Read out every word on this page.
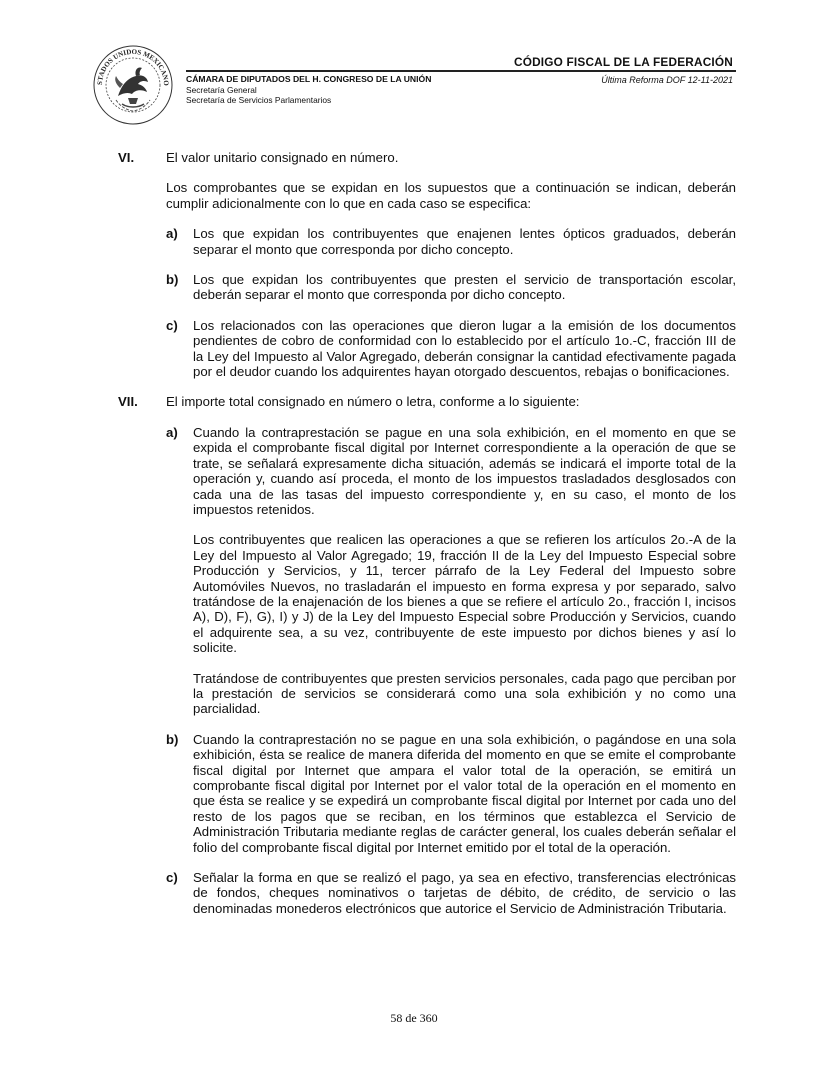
STADOS UNIDOS MEXICANO
CÓDIGO FISCAL DE LA FEDERACIÓN
Última Reforma DOF 12-11-2021
CÁMARA DE DIPUTADOS DEL H. CONGRESO DE LA UNIÓN
Secretaría General
Secretaría de Servicios Parlamentarios
VI.	El valor unitario consignado en número.
Los comprobantes que se expidan en los supuestos que a continuación se indican, deberán cumplir adicionalmente con lo que en cada caso se especifica:
a)	Los que expidan los contribuyentes que enajenen lentes ópticos graduados, deberán separar el monto que corresponda por dicho concepto.
b)	Los que expidan los contribuyentes que presten el servicio de transportación escolar, deberán separar el monto que corresponda por dicho concepto.
c)	Los relacionados con las operaciones que dieron lugar a la emisión de los documentos pendientes de cobro de conformidad con lo establecido por el artículo 1o.-C, fracción III de la Ley del Impuesto al Valor Agregado, deberán consignar la cantidad efectivamente pagada por el deudor cuando los adquirentes hayan otorgado descuentos, rebajas o bonificaciones.
VII.	El importe total consignado en número o letra, conforme a lo siguiente:
a)	Cuando la contraprestación se pague en una sola exhibición, en el momento en que se expida el comprobante fiscal digital por Internet correspondiente a la operación de que se trate, se señalará expresamente dicha situación, además se indicará el importe total de la operación y, cuando así proceda, el monto de los impuestos trasladados desglosados con cada una de las tasas del impuesto correspondiente y, en su caso, el monto de los impuestos retenidos.
Los contribuyentes que realicen las operaciones a que se refieren los artículos 2o.-A de la Ley del Impuesto al Valor Agregado; 19, fracción II de la Ley del Impuesto Especial sobre Producción y Servicios, y 11, tercer párrafo de la Ley Federal del Impuesto sobre Automóviles Nuevos, no trasladarán el impuesto en forma expresa y por separado, salvo tratándose de la enajenación de los bienes a que se refiere el artículo 2o., fracción I, incisos A), D), F), G), I) y J) de la Ley del Impuesto Especial sobre Producción y Servicios, cuando el adquirente sea, a su vez, contribuyente de este impuesto por dichos bienes y así lo solicite.
Tratándose de contribuyentes que presten servicios personales, cada pago que perciban por la prestación de servicios se considerará como una sola exhibición y no como una parcialidad.
b)	Cuando la contraprestación no se pague en una sola exhibición, o pagándose en una sola exhibición, ésta se realice de manera diferida del momento en que se emite el comprobante fiscal digital por Internet que ampara el valor total de la operación, se emitirá un comprobante fiscal digital por Internet por el valor total de la operación en el momento en que ésta se realice y se expedirá un comprobante fiscal digital por Internet por cada uno del resto de los pagos que se reciban, en los términos que establezca el Servicio de Administración Tributaria mediante reglas de carácter general, los cuales deberán señalar el folio del comprobante fiscal digital por Internet emitido por el total de la operación.
c)	Señalar la forma en que se realizó el pago, ya sea en efectivo, transferencias electrónicas de fondos, cheques nominativos o tarjetas de débito, de crédito, de servicio o las denominadas monederos electrónicos que autorice el Servicio de Administración Tributaria.
58 de 360
